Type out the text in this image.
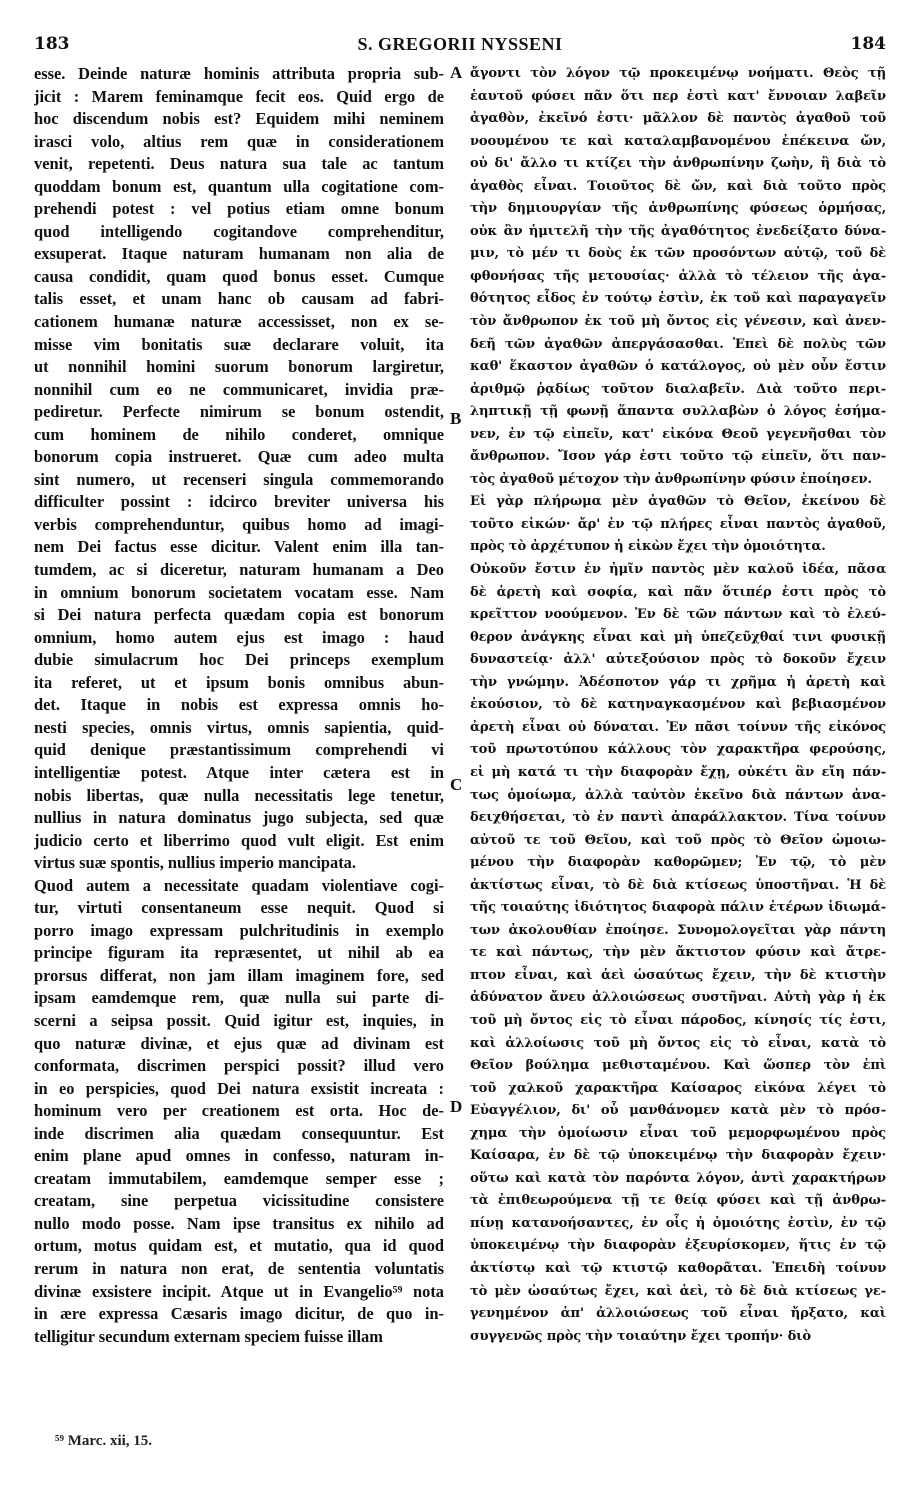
183	S. GREGORII NYSSENI	184
esse. Deinde naturæ hominis attributa propria sub-
jicit : Marem feminamque fecit eos. Quid ergo de
hoc discendum nobis est? Equidem mihi neminem
irasci volo, altius rem quæ in considerationem
venit, repetenti. Deus natura sua tale ac tantum
quoddam bonum est, quantum ulla cogitatione com-
prehendi potest : vel potius etiam omne bonum
quod intelligendo cogitandove comprehenditur,
exsuperat. Itaque naturam humanam non alia de
causa condidit, quam quod bonus esset. Cumque
talis esset, et unam hanc ob causam ad fabri-
cationem humanæ naturæ accessisset, non ex se-
misse vim bonitatis suæ declarare voluit, ita
ut nonnihil homini suorum bonorum largiretur,
nonnihil cum eo ne communicaret, invidia præ-
pediretur. Perfecte nimirum se bonum ostendit,
cum hominem de nihilo conderet, omnique
bonorum copia instrueret. Quæ cum adeo multa
sint numero, ut recenseri singula commemorando
difficulter possint : idcirco breviter universa his
verbis comprehenduntur, quibus homo ad imagi-
nem Dei factus esse dicitur. Valent enim illa tan-
tumdem, ac si diceretur, naturam humanam a Deo
in omnium bonorum societatem vocatam esse. Nam
si Dei natura perfecta quædam copia est bonorum
omnium, homo autem ejus est imago : haud
dubie simulacrum hoc Dei princeps exemplum
ita referet, ut et ipsum bonis omnibus abun-
det. Itaque in nobis est expressa omnis ho-
nesti species, omnis virtus, omnis sapientia, quid-
quid denique præstantissimum comprehendi vi
intelligentiæ potest. Atque inter cætera est in
nobis libertas, quæ nulla necessitatis lege tenetur,
nullius in natura dominatus jugo subjecta, sed quæ
judicio certo et liberrimo quod vult eligit. Est enim
virtus suæ spontis, nullius imperio mancipata.
Quod autem a necessitate quadam violentiave cogi-
tur, virtuti consentaneum esse nequit. Quod si
porro imago expressam pulchritudinis in exemplo
principe figuram ita repræsentet, ut nihil ab ea
prorsus differat, non jam illam imaginem fore, sed
ipsam eamdemque rem, quæ nulla sui parte di-
scerni a seipsa possit. Quid igitur est, inquies, in
quo naturæ divinæ, et ejus quæ ad divinam est
conformata, discrimen perspici possit? illud vero
in eo perspicies, quod Dei natura exsistit increata :
hominum vero per creationem est orta. Hoc de-
inde discrimen alia quædam consequuntur. Est
enim plane apud omnes in confesso, naturam in-
creatam immutabilem, eamdemque semper esse ;
creatam, sine perpetua vicissitudine consistere
nullo modo posse. Nam ipse transitus ex nihilo ad
ortum, motus quidam est, et mutatio, qua id quod
rerum in natura non erat, de sententia voluntatis
divinæ exsistere incipit. Atque ut in Evangelio⁵⁹ nota
in ære expressa Cæsaris imago dicitur, de quo in-
telligitur secundum externam speciem fuisse illam
ἄγοντι τὸν λόγον τῷ προκειμένῳ νοήματι. Θεὸς τῇ
ἑαυτοῦ φύσει πᾶν ὅτι περ ἐστὶ κατ' ἔννοιαν λαβεῖν
ἀγαθὸν, ἐκεῖνό ἐστι· μᾶλλον δὲ παντὸς ἀγαθοῦ τοῦ
νοουμένου τε καὶ καταλαμβανομένου ἐπέκεινα ὤν,
οὐ δι' ἄλλο τι κτίζει τὴν ἀνθρωπίνην ζωὴν, ἢ διὰ τὸ
ἀγαθὸς εἶναι. Τοιοῦτος δὲ ὤν, καὶ διὰ τοῦτο πρὸς
τὴν δημιουργίαν τῆς ἀνθρωπίνης φύσεως ὁρμήσας,
οὐκ ἂν ἡμιτελῆ τὴν τῆς ἀγαθότητος ἐνεδείξατο δύνα-
μιν, τὸ μέν τι δοὺς ἐκ τῶν προσόντων αὐτῷ, τοῦ δὲ
φθονήσας τῆς μετουσίας· ἀλλὰ τὸ τέλειον τῆς ἀγα-
θότητος εἶδος ἐν τούτῳ ἐστὶν, ἐκ τοῦ καὶ παραγαγεῖν
τὸν ἄνθρωπον ἐκ τοῦ μὴ ὄντος εἰς γένεσιν, καὶ ἀνεν-
δεῆ τῶν ἀγαθῶν ἀπεργάσασθαι. Ἐπεὶ δὲ πολὺς τῶν
καθ' ἕκαστον ἀγαθῶν ὁ κατάλογος, οὐ μὲν οὖν ἔστιν
ἀριθμῷ ῥᾳδίως τοῦτον διαλαβεῖν. Διὰ τοῦτο περι-
ληπτικῇ τῇ φωνῇ ἅπαντα συλλαβὼν ὁ λόγος ἐσήμα-
νεν, ἐν τῷ εἰπεῖν, κατ' εἰκόνα Θεοῦ γεγενῆσθαι τὸν
ἄνθρωπον. Ἴσον γάρ ἐστι τοῦτο τῷ εἰπεῖν, ὅτι παν-
τὸς ἀγαθοῦ μέτοχον τὴν ἀνθρωπίνην φύσιν ἐποίησεν.
Εἰ γὰρ πλήρωμα μὲν ἀγαθῶν τὸ Θεῖον, ἐκείνου δὲ
τοῦτο εἰκών· ἄρ' ἐν τῷ πλήρες εἶναι παντὸς ἀγαθοῦ,
πρὸς τὸ ἀρχέτυπον ἡ εἰκὼν ἔχει τὴν ὁμοιότητα.
Οὐκοῦν ἔστιν ἐν ἡμῖν παντὸς μὲν καλοῦ ἰδέα, πᾶσα
δὲ ἀρετὴ καὶ σοφία, καὶ πᾶν ὅτιπέρ ἐστι πρὸς τὸ
κρεῖττον νοούμενον. Ἐν δὲ τῶν πάντων καὶ τὸ ἐλεύ-
θερον ἀνάγκης εἶναι καὶ μὴ ὑπεζεῦχθαί τινι φυσικῇ
δυναστείᾳ· ἀλλ' αὐτεξούσιον πρὸς τὸ δοκοῦν ἔχειν
τὴν γνώμην. Ἀδέσποτον γάρ τι χρῆμα ἡ ἀρετὴ καὶ
ἑκούσιον, τὸ δὲ κατηναγκασμένον καὶ βεβιασμένον
ἀρετὴ εἶναι οὐ δύναται. Ἐν πᾶσι τοίνυν τῆς εἰκόνος
τοῦ πρωτοτύπου κάλλους τὸν χαρακτῆρα φερούσης,
εἰ μὴ κατά τι τὴν διαφορὰν ἔχῃ, οὐκέτι ἂν εἴη πάν-
τως ὁμοίωμα, ἀλλὰ ταὐτὸν ἐκεῖνο διὰ πάντων ἀνα-
δειχθήσεται, τὸ ἐν παντὶ ἀπαράλλακτον. Τίνα τοίνυν
αὐτοῦ τε τοῦ Θεῖου, καὶ τοῦ πρὸς τὸ Θεῖον ὡμοιω-
μένου τὴν διαφορὰν καθορῶμεν; Ἐν τῷ, τὸ μὲν
ἀκτίστως εἶναι, τὸ δὲ διὰ κτίσεως ὑποστῆναι. Ἡ δὲ
τῆς τοιαύτης ἰδιότητος διαφορὰ πάλιν ἑτέρων ἰδιωμά-
των ἀκολουθίαν ἐποίησε. Συνομολογεῖται γὰρ πάντη
τε καὶ πάντως, τὴν μὲν ἄκτιστον φύσιν καὶ ἄτρε-
πτον εἶναι, καὶ ἀεὶ ὡσαύτως ἔχειν, τὴν δὲ κτιστὴν
ἀδύνατον ἄνευ ἀλλοιώσεως συστῆναι. Αὐτὴ γὰρ ἡ ἐκ
τοῦ μὴ ὄντος εἰς τὸ εἶναι πάροδος, κίνησίς τίς ἐστι,
καὶ ἀλλοίωσις τοῦ μὴ ὄντος εἰς τὸ εἶναι, κατὰ τὸ
Θεῖον βούλημα μεθισταμένου. Καὶ ὥσπερ τὸν ἐπὶ
τοῦ χαλκοῦ χαρακτῆρα Καίσαρος εἰκόνα λέγει τὸ
Εὐαγγέλιον, δι' οὗ μανθάνομεν κατὰ μὲν τὸ πρόσ-
χημα τὴν ὁμοίωσιν εἶναι τοῦ μεμορφωμένου πρὸς
Καίσαρα, ἐν δὲ τῷ ὑποκειμένῳ τὴν διαφορὰν ἔχειν·
οὕτω καὶ κατὰ τὸν παρόντα λόγον, ἀντὶ χαρακτήρων
τὰ ἐπιθεωρούμενα τῇ τε θείᾳ φύσει καὶ τῇ ἀνθρω-
πίνῃ κατανοήσαντες, ἐν οἷς ἡ ὁμοιότης ἐστὶν, ἐν τῷ
ὑποκειμένῳ τὴν διαφορὰν ἐξευρίσκομεν, ἥτις ἐν τῷ
ἀκτίστῳ καὶ τῷ κτιστῷ καθορᾶται. Ἐπειδὴ τοίνυν
τὸ μὲν ὡσαύτως ἔχει, καὶ ἀεὶ, τὸ δὲ διὰ κτίσεως γε-
γενημένον ἀπ' ἀλλοιώσεως τοῦ εἶναι ἤρξατο, καὶ
συγγενῶς πρὸς τὴν τοιαύτην ἔχει τροπήν· διὸ
A
B
C
D
⁵⁹ Marc. xii, 15.
